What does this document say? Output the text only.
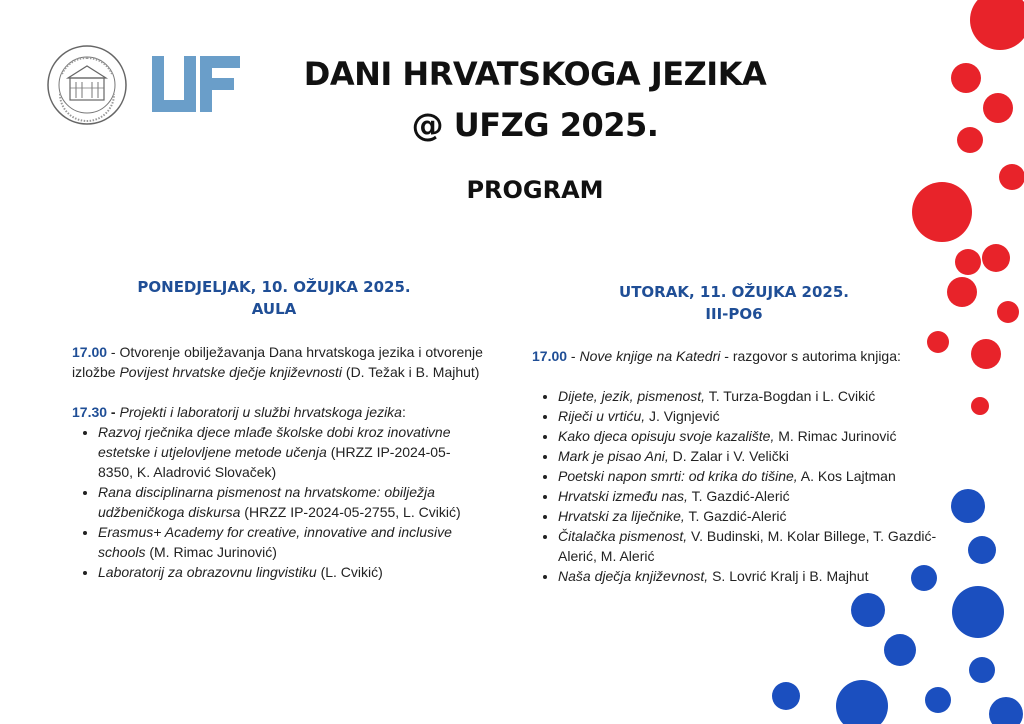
DANI HRVATSKOGA JEZIKA
@ UFZG 2025.
PROGRAM
PONEDJELJAK, 10. OŽUJKA 2025.
AULA

17.00 - Otvorenje obilježavanja Dana hrvatskoga jezika i otvorenje izložbe Povijest hrvatske dječje književnosti (D. Težak i B. Majhut)

17.30 - Projekti i laboratorij u službi hrvatskoga jezika:

• Razvoj rječnika djece mlađe školske dobi kroz inovativne estetske i utjelovljene metode učenja (HRZZ IP-2024-05-8350, K. Aladrović Slovaček)
• Rana disciplinarna pismenost na hrvatskome: obilježja udžbeničkoga diskursa (HRZZ IP-2024-05-2755, L. Cvikić)
• Erasmus+ Academy for creative, innovative and inclusive schools (M. Rimac Jurinović)
• Laboratorij za obrazovnu lingvistiku (L. Cvikić)
UTORAK, 11. OŽUJKA 2025.
III-PO6

17.00 - Nove knjige na Katedri - razgovor s autorima knjiga:

• Dijete, jezik, pismenost, T. Turza-Bogdan i L. Cvikić
• Riječi u vrtiću, J. Vignjević
• Kako djeca opisuju svoje kazalište, M. Rimac Jurinović
• Mark je pisao Ani, D. Zalar i V. Velički
• Poetski napon smrti: od krika do tišine, A. Kos Lajtman
• Hrvatski između nas, T. Gazdić-Alerić
• Hrvatski za liječnike, T. Gazdić-Alerić
• Čitalačka pismenost, V. Budinski, M. Kolar Billege, T. Gazdić-Alerić, M. Alerić
• Naša dječja književnost, S. Lovrić Kralj i B. Majhut
